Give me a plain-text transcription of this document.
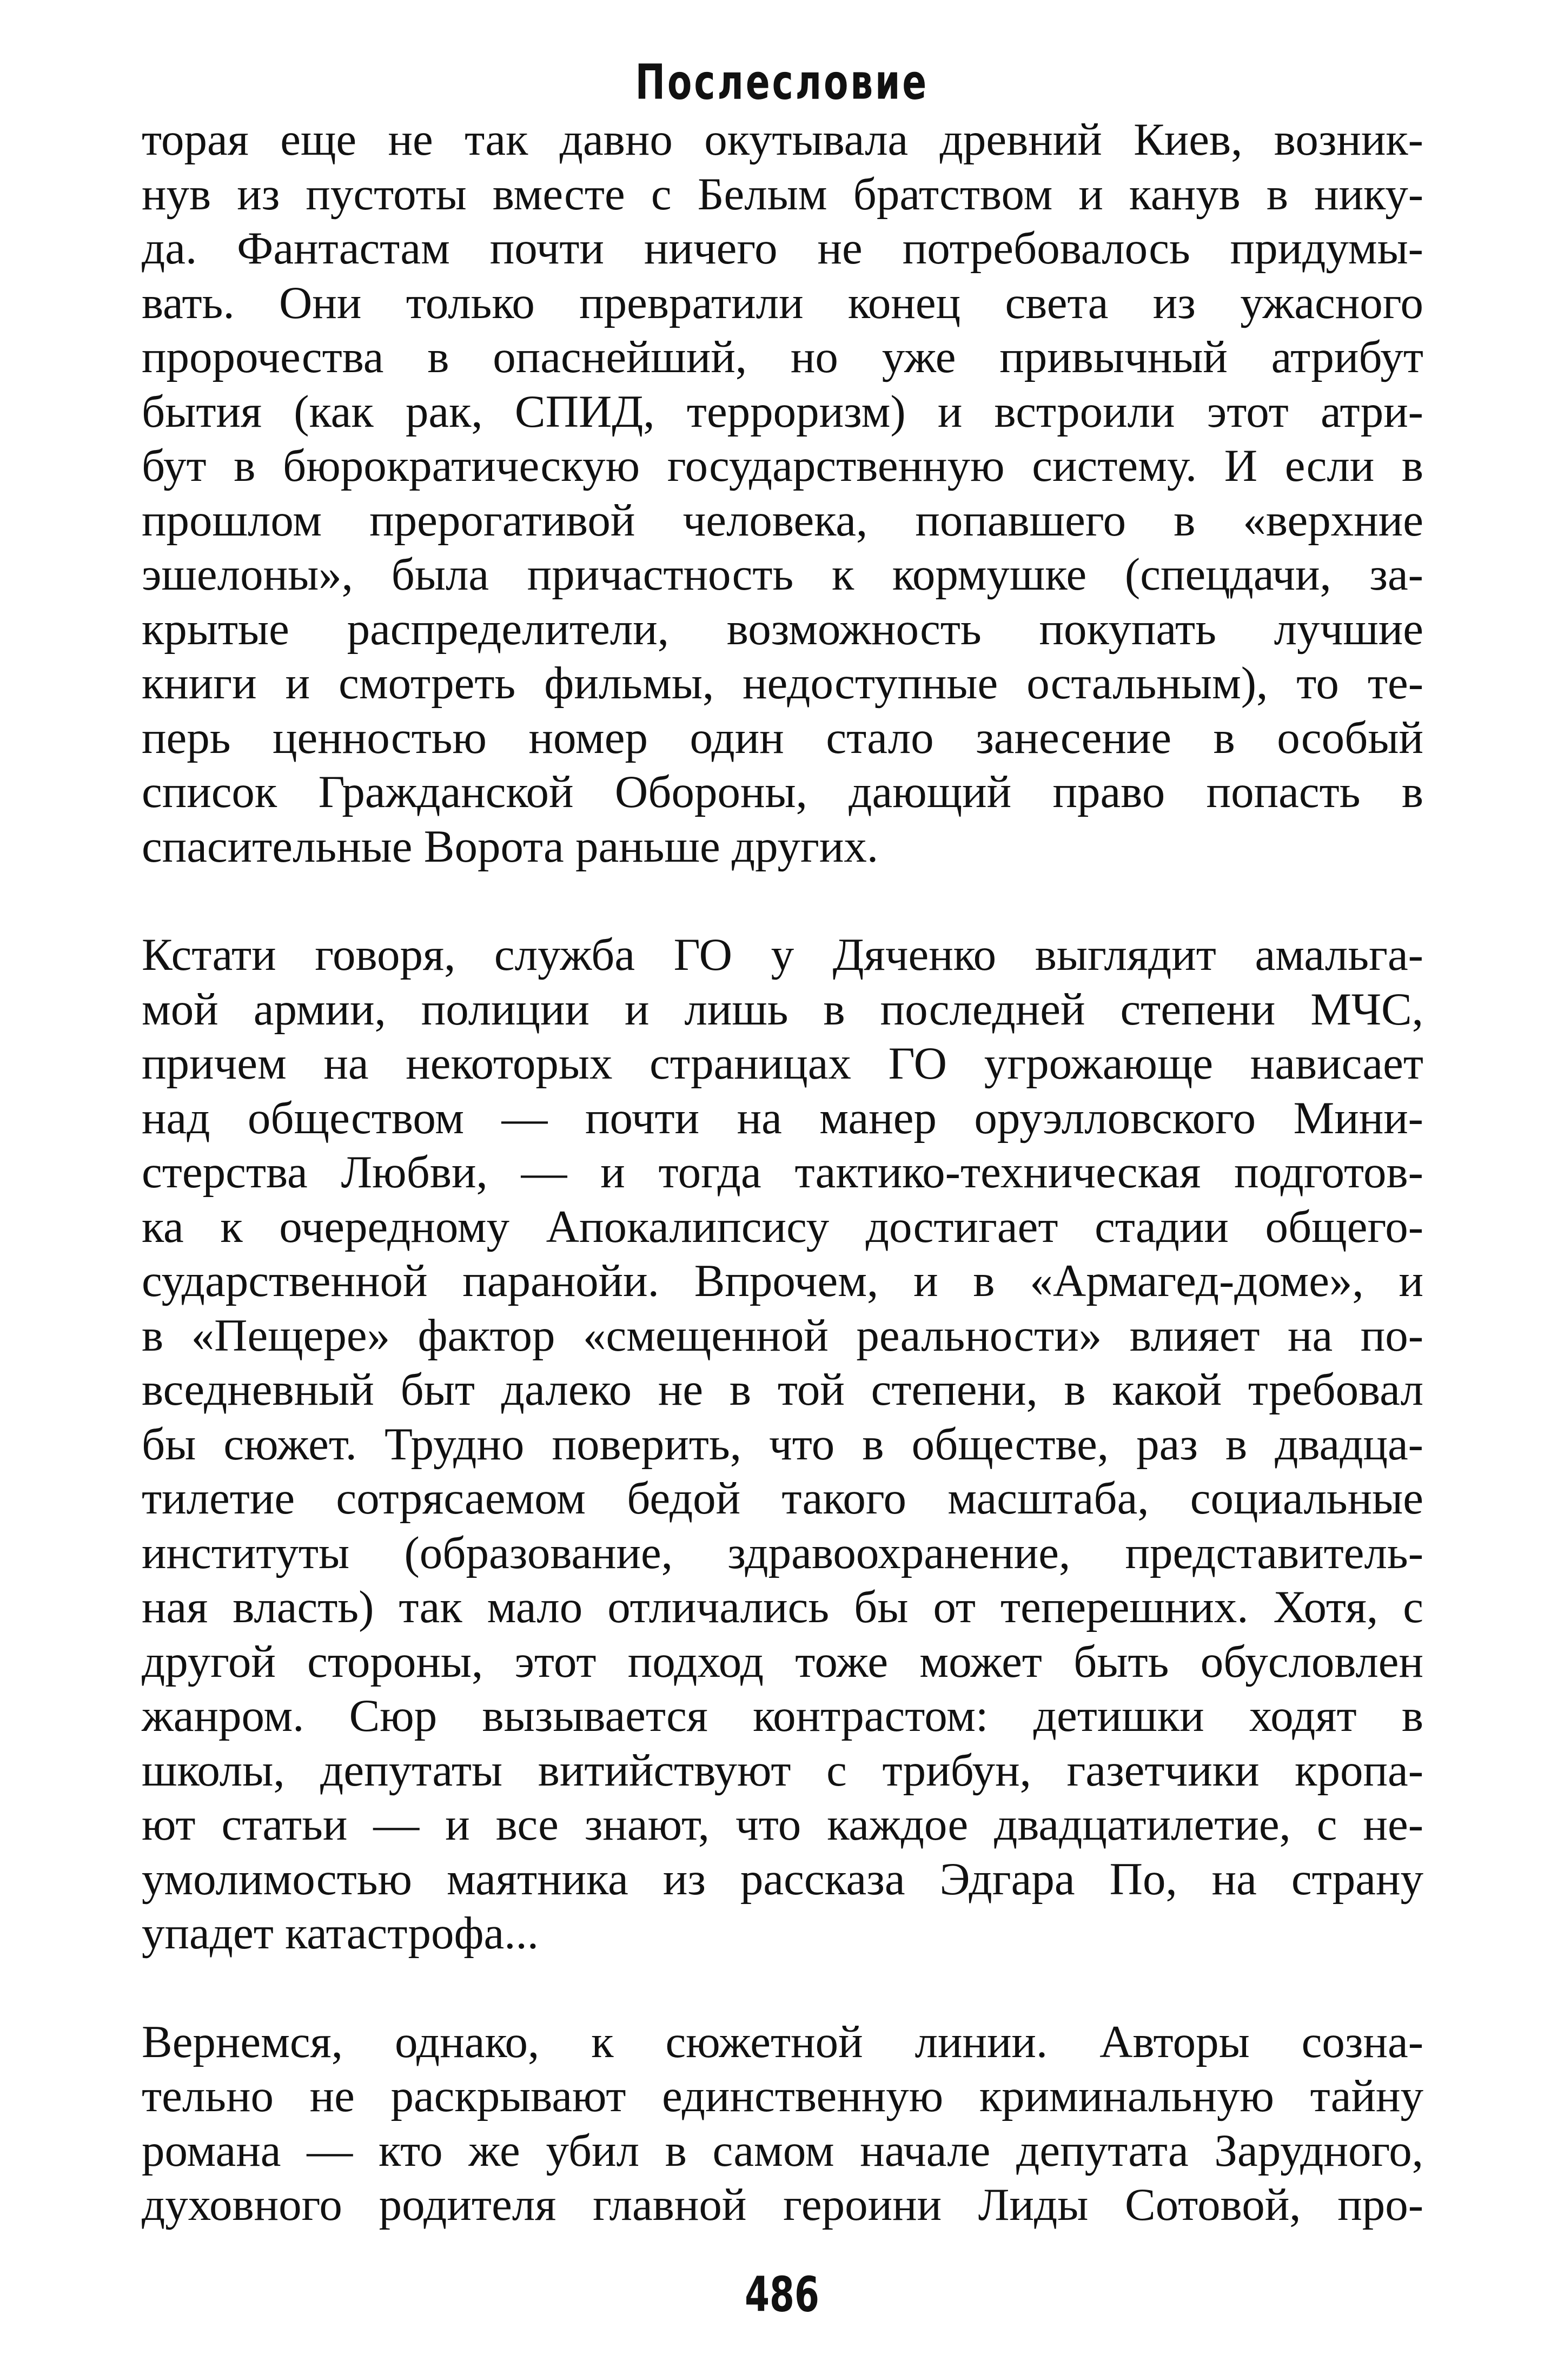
Послесловие
торая еще не так давно окутывала древний Киев, возник-
нув из пустоты вместе с Белым братством и канув в нику-
да. Фантастам почти ничего не потребовалось придумы-
вать. Они только превратили конец света из ужасного
пророчества в опаснейший, но уже привычный атрибут
бытия (как рак, СПИД, терроризм) и встроили этот атри-
бут в бюрократическую государственную систему. И если в
прошлом прерогативой человека, попавшего в «верхние
эшелоны», была причастность к кормушке (спецдачи, за-
крытые распределители, возможность покупать лучшие
книги и смотреть фильмы, недоступные остальным), то те-
перь ценностью номер один стало занесение в особый
список Гражданской Обороны, дающий право попасть в
спасительные Ворота раньше других.
Кстати говоря, служба ГО у Дяченко выглядит амальга-
мой армии, полиции и лишь в последней степени МЧС,
причем на некоторых страницах ГО угрожающе нависает
над обществом — почти на манер оруэлловского Мини-
стерства Любви, — и тогда тактико-техническая подготов-
ка к очередному Апокалипсису достигает стадии общего-
сударственной паранойи. Впрочем, и в «Армагед-доме», и
в «Пещере» фактор «смещенной реальности» влияет на по-
вседневный быт далеко не в той степени, в какой требовал
бы сюжет. Трудно поверить, что в обществе, раз в двадца-
тилетие сотрясаемом бедой такого масштаба, социальные
институты (образование, здравоохранение, представитель-
ная власть) так мало отличались бы от теперешних. Хотя, с
другой стороны, этот подход тоже может быть обусловлен
жанром. Сюр вызывается контрастом: детишки ходят в
школы, депутаты витийствуют с трибун, газетчики кропа-
ют статьи — и все знают, что каждое двадцатилетие, с не-
умолимостью маятника из рассказа Эдгара По, на страну
упадет катастрофа...
Вернемся, однако, к сюжетной линии. Авторы созна-
тельно не раскрывают единственную криминальную тайну
романа — кто же убил в самом начале депутата Зарудного,
духовного родителя главной героини Лиды Сотовой, про-
486
